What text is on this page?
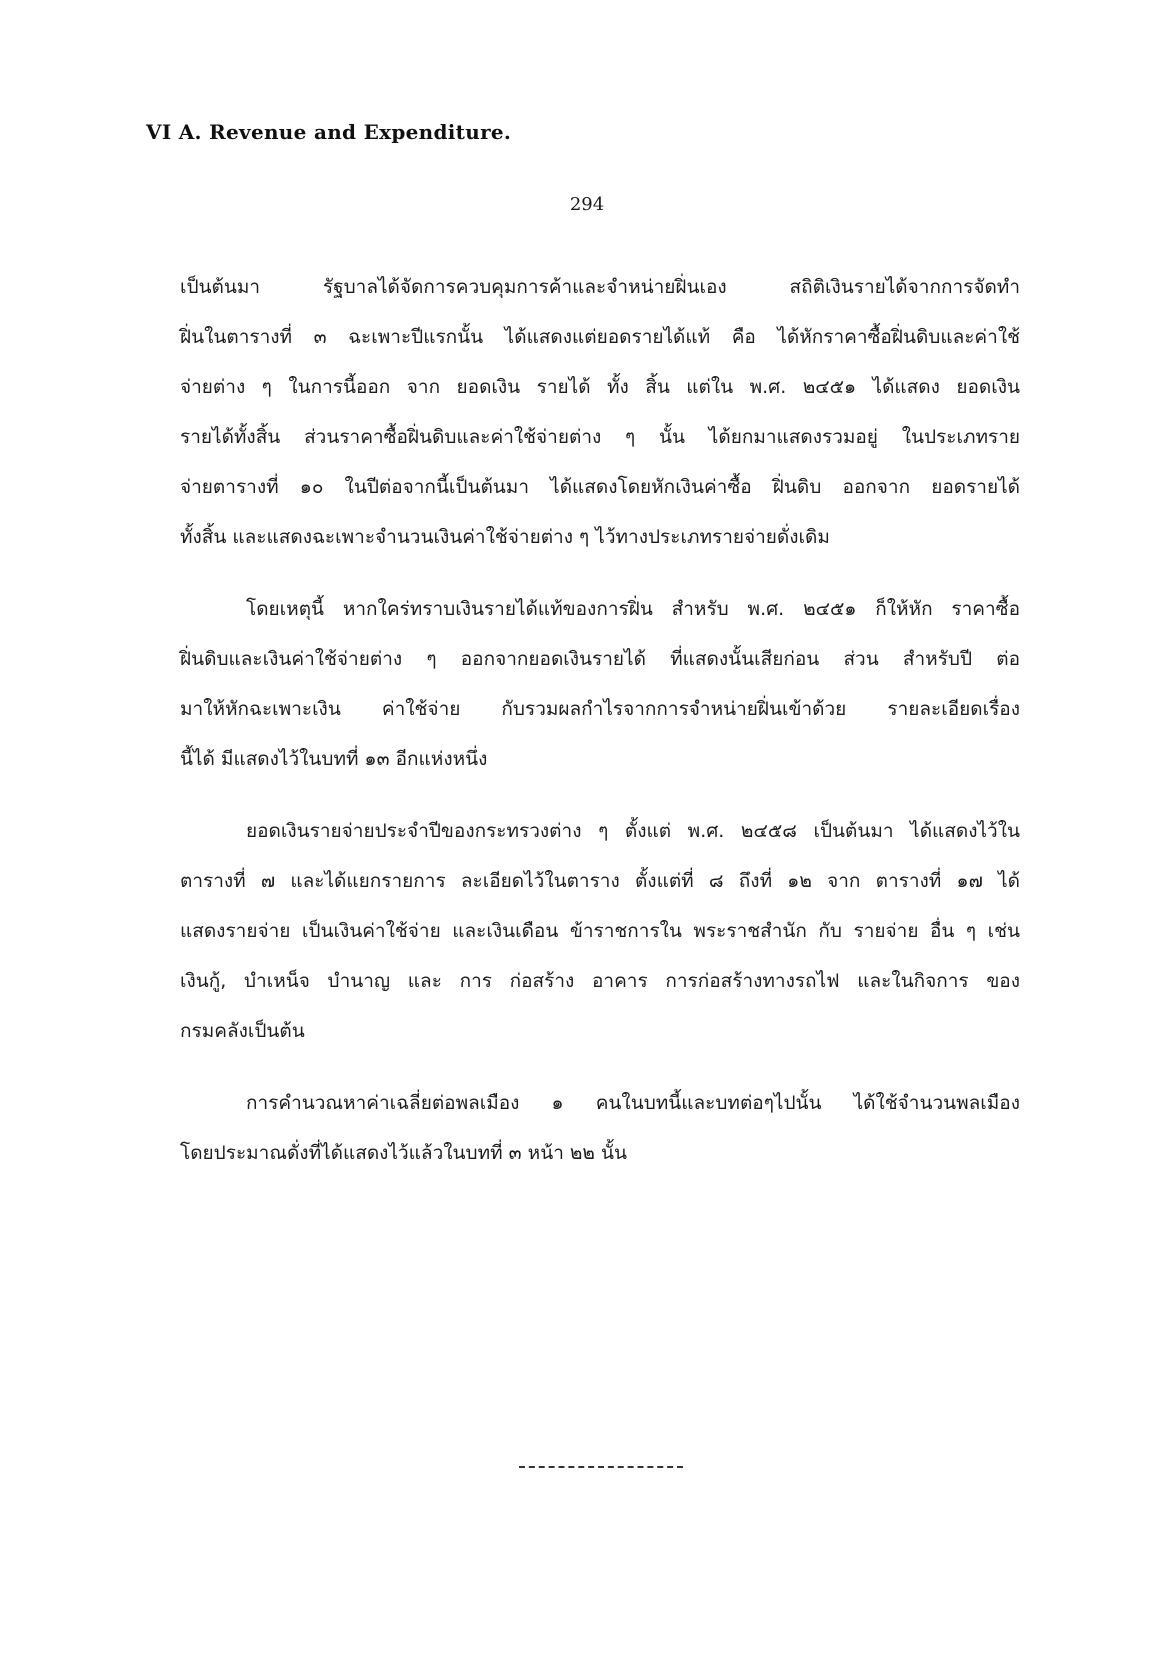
VI A. Revenue and Expenditure.
294
เป็นต้นมา รัฐบาลได้จัดการควบคุมการค้าและจำหน่ายฝิ่นเอง สถิติเงินรายได้จากการจัดทำ
ฝิ่นในตารางที่ ๓ ฉะเพาะปีแรกนั้น ได้แสดงแต่ยอดรายได้แท้ คือ ได้หักราคาซื้อฝิ่นดิบและค่าใช้
จ่ายต่าง ๆ ในการนี้ออก จาก ยอดเงิน รายได้ ทั้ง สิ้น แต่ใน พ.ศ. ๒๔๕๑ ได้แสดง ยอดเงิน
รายได้ทั้งสิ้น ส่วนราคาซื้อฝิ่นดิบและค่าใช้จ่ายต่าง ๆ นั้น ได้ยกมาแสดงรวมอยู่ ในประเภทราย
จ่ายตารางที่ ๑๐ ในปีต่อจากนี้เป็นต้นมา ได้แสดงโดยหักเงินค่าซื้อ ฝิ่นดิบ ออกจาก ยอดรายได้
ทั้งสิ้น และแสดงฉะเพาะจำนวนเงินค่าใช้จ่ายต่าง ๆ ไว้ทางประเภทรายจ่ายดั่งเดิม
โดยเหตุนี้ หากใคร่ทราบเงินรายได้แท้ของการฝิ่น สำหรับ พ.ศ. ๒๔๕๑ ก็ให้หัก ราคาซื้อ
ฝิ่นดิบและเงินค่าใช้จ่ายต่าง ๆ ออกจากยอดเงินรายได้ ที่แสดงนั้นเสียก่อน ส่วน สำหรับปี ต่อ
มาให้หักฉะเพาะเงิน ค่าใช้จ่าย กับรวมผลกำไรจากการจำหน่ายฝิ่นเข้าด้วย รายละเอียดเรื่อง
นี้ได้ มีแสดงไว้ในบทที่ ๑๓ อีกแห่งหนึ่ง
ยอดเงินรายจ่ายประจำปีของกระทรวงต่าง ๆ ตั้งแต่ พ.ศ. ๒๔๕๘ เป็นต้นมา ได้แสดงไว้ใน
ตารางที่ ๗ และได้แยกรายการ ละเอียดไว้ในตาราง ตั้งแต่ที่ ๘ ถึงที่ ๑๒ จาก ตารางที่ ๑๗ ได้
แสดงรายจ่าย เป็นเงินค่าใช้จ่าย และเงินเดือน ข้าราชการใน พระราชสำนัก กับ รายจ่าย อื่น ๆ เช่น
เงินกู้, บำเหน็จ บำนาญ และ การ ก่อสร้าง อาคาร การก่อสร้างทางรถไฟ และในกิจการ ของ
กรมคลังเป็นต้น
การคำนวณหาค่าเฉลี่ยต่อพลเมือง ๑ คนในบทนี้และบทต่อๆไปนั้น ได้ใช้จำนวนพลเมือง
โดยประมาณดั่งที่ได้แสดงไว้แล้วในบทที่ ๓ หน้า ๒๒ นั้น
